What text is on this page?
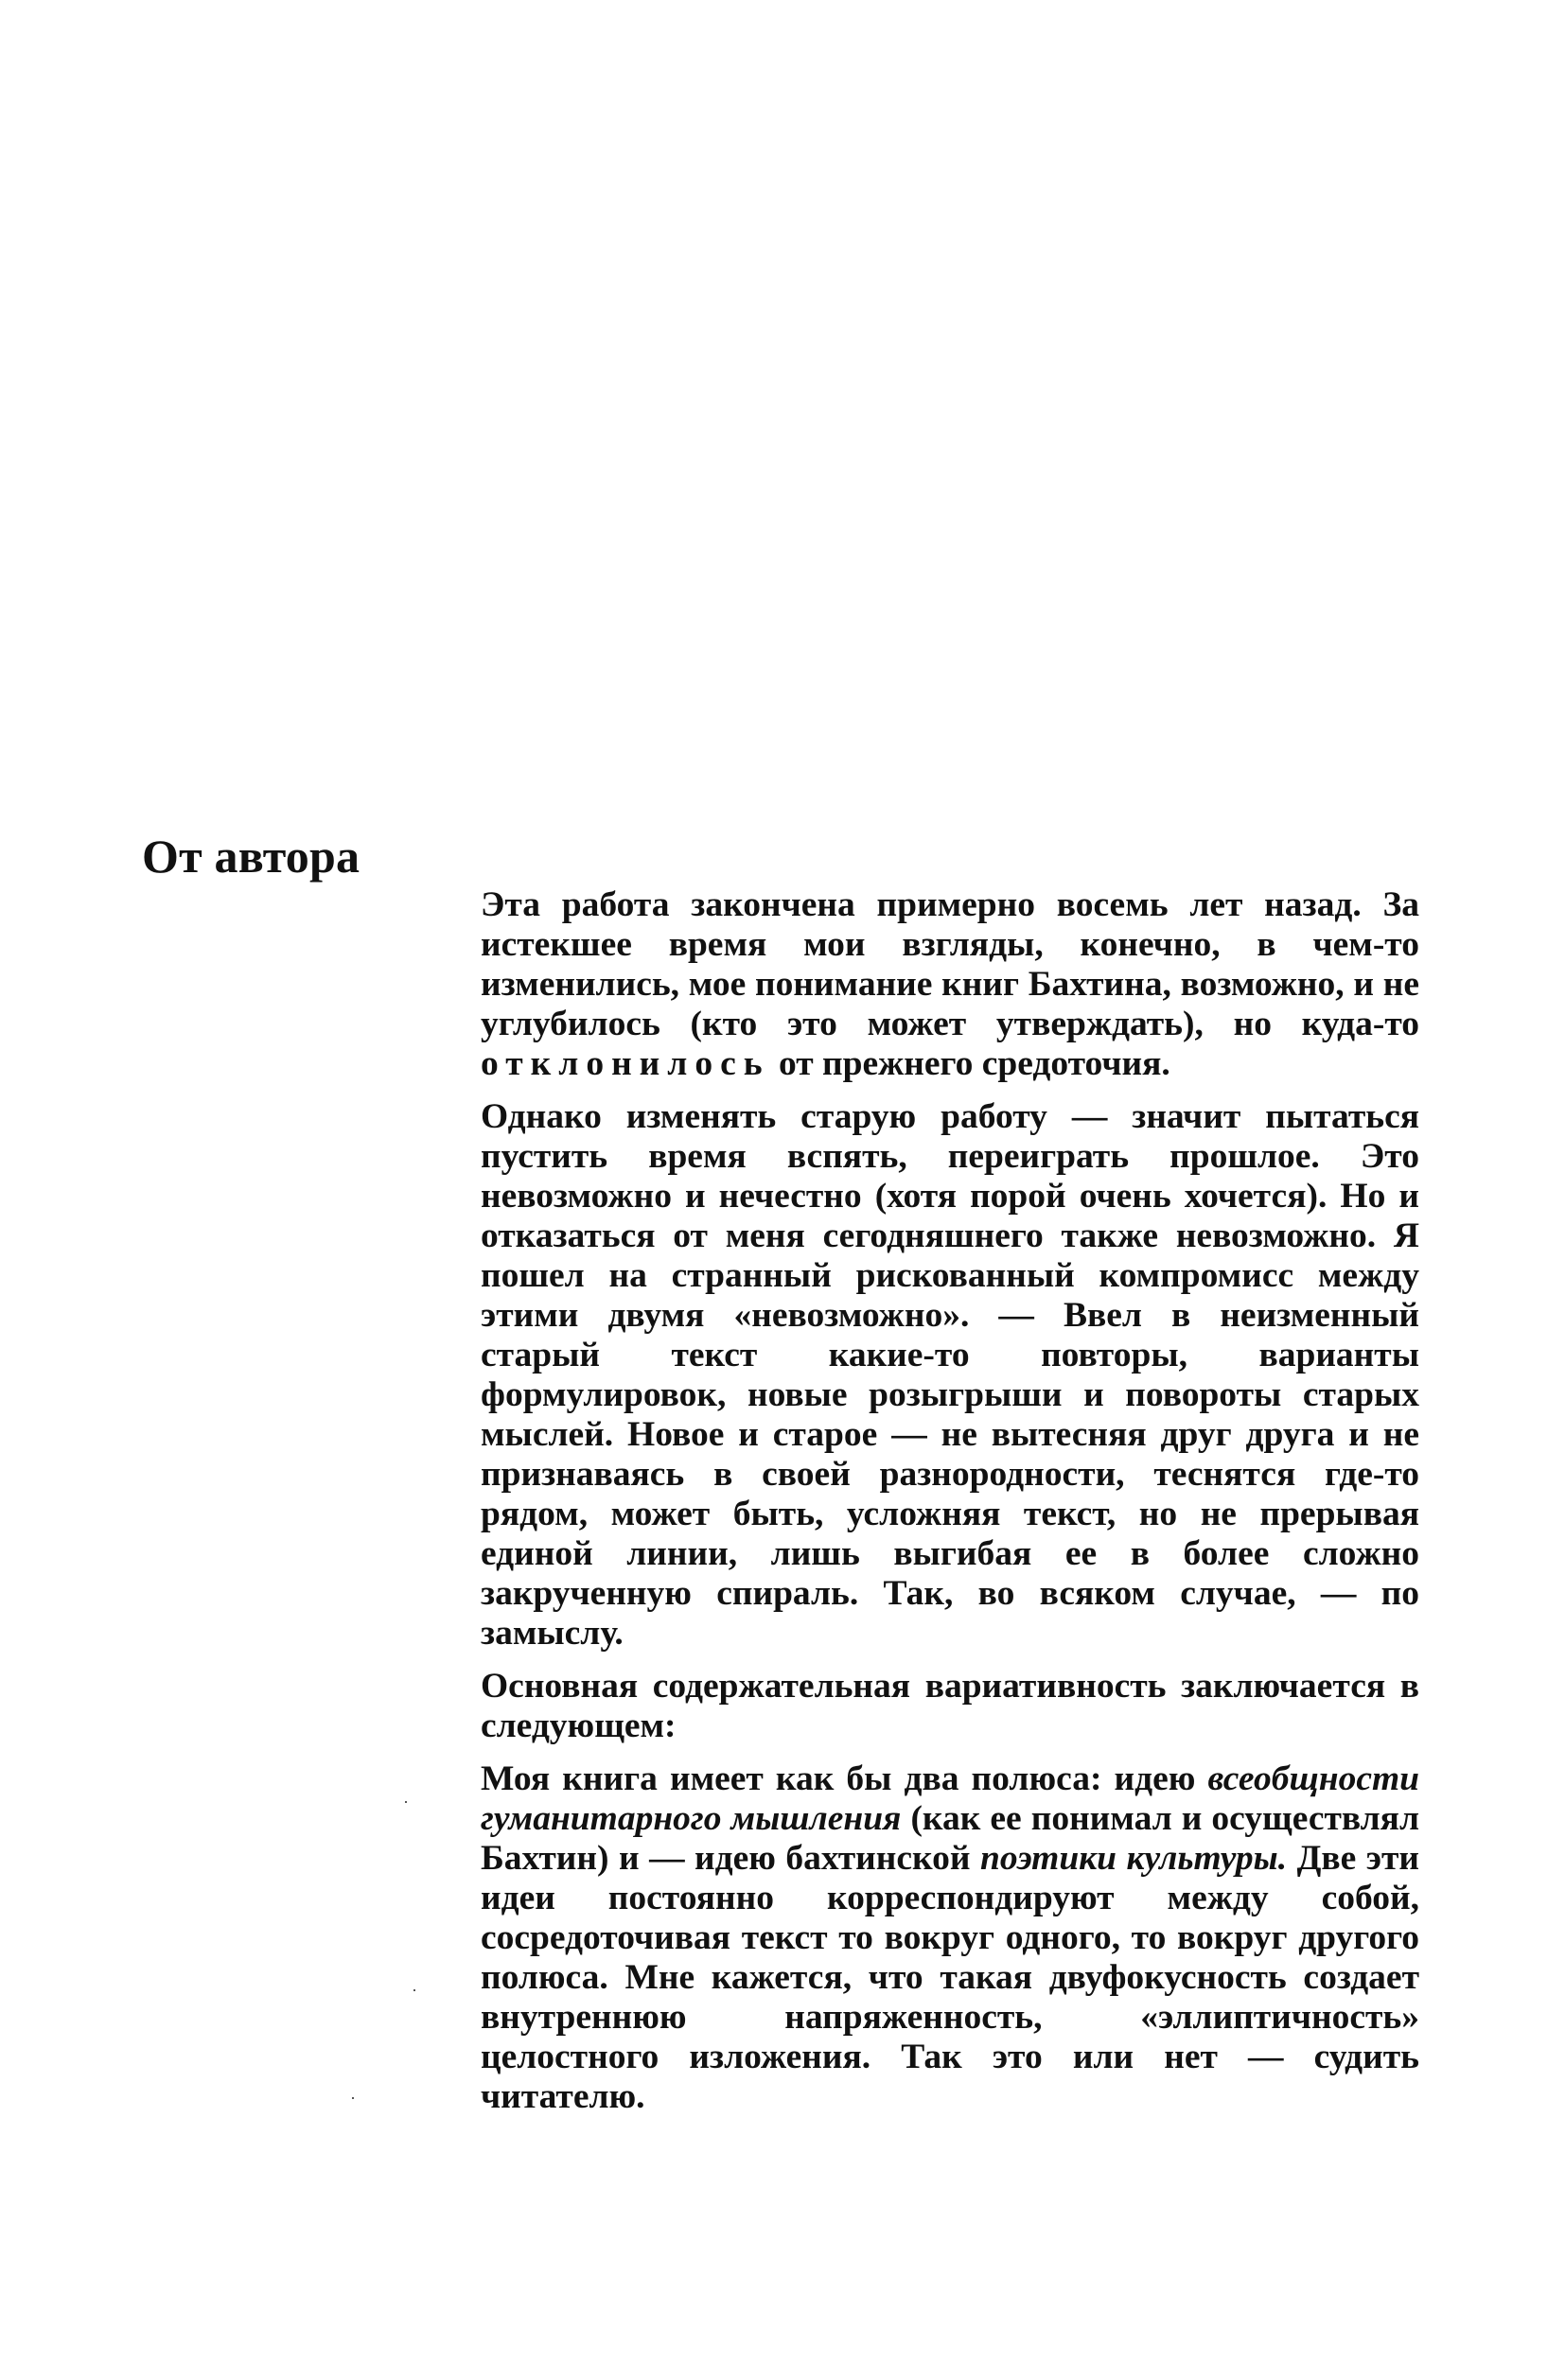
От автора

Эта работа закончена примерно восемь лет назад. За истекшее время мои взгляды, конечно, в чем-то изменились, мое понимание книг Бахтина, возможно, и не углубилось (кто это может утверждать), но куда-то отклонилось от прежнего средоточия.

Однако изменять старую работу — значит пытаться пустить время вспять, переиграть прошлое. Это невозможно и нечестно (хотя порой очень хочется). Но и отказаться от меня сегодняшнего также невозможно. Я пошел на странный рискованный компромисс между этими двумя «невозможно». — Ввел в неизменный старый текст какие-то повторы, варианты формулировок, новые розыгрыши и повороты старых мыслей. Новое и старое — не вытесняя друг друга и не признаваясь в своей разнородности, теснятся где-то рядом, может быть, усложняя текст, но не прерывая единой линии, лишь выгибая ее в более сложно закрученную спираль. Так, во всяком случае, — по замыслу.

Основная содержательная вариативность заключается в следующем:

Моя книга имеет как бы два полюса: идею всеобщности гуманитарного мышления (как ее понимал и осуществлял Бахтин) и — идею бахтинской поэтики культуры. Две эти идеи постоянно корреспондируют между собой, сосредоточивая текст то вокруг одного, то вокруг другого полюса. Мне кажется, что такая двуфокусность создает внутреннюю напряженность, «эллиптичность» целостного изложения. Так это или нет — судить читателю.
